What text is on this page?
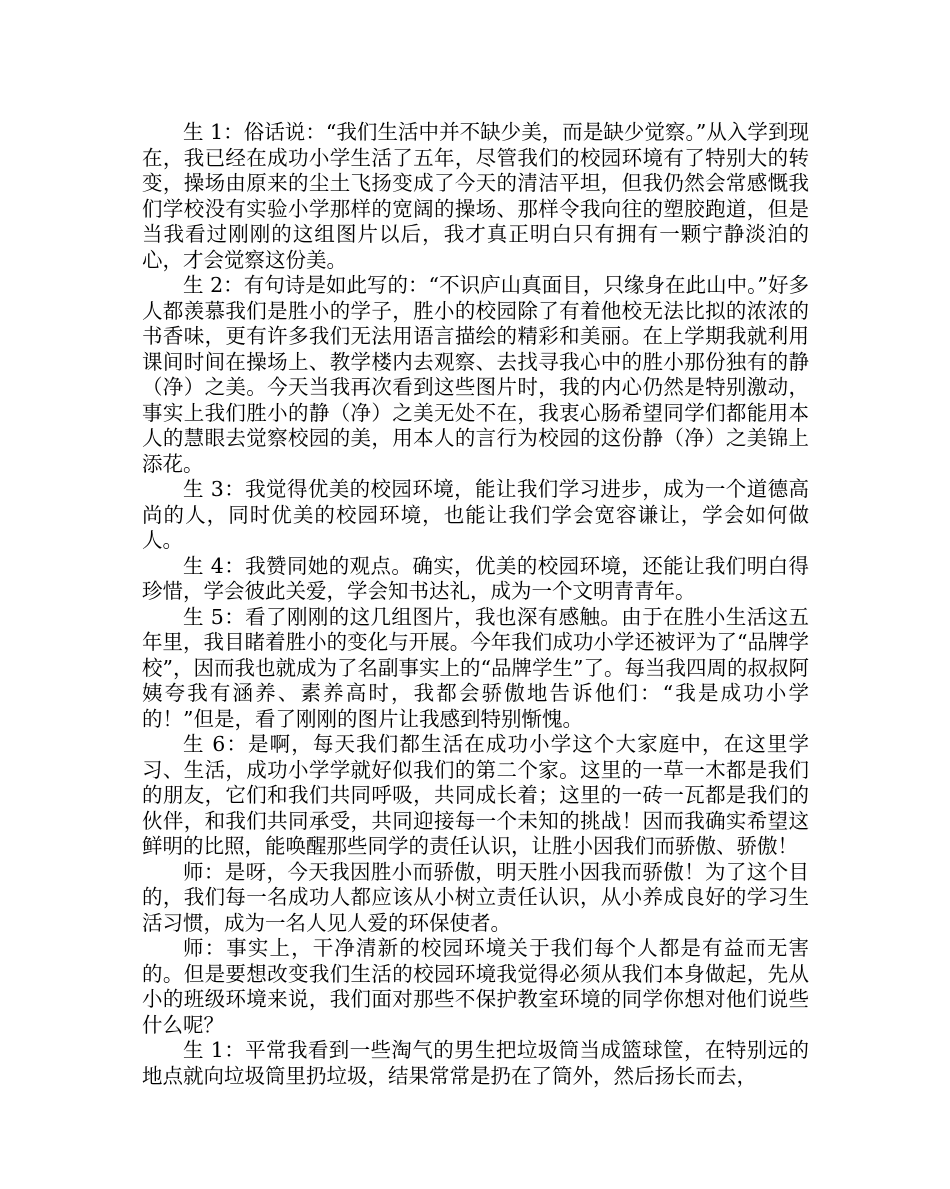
生 1：俗话说：“我们生活中并不缺少美，而是缺少觉察。”从入学到现在，我已经在成功小学生活了五年，尽管我们的校园环境有了特别大的转变，操场由原来的尘土飞扬变成了今天的清洁平坦，但我仍然会常感慨我们学校没有实验小学那样的宽阔的操场、那样令我向往的塑胶跑道，但是当我看过刚刚的这组图片以后，我才真正明白只有拥有一颗宁静淡泊的心，才会觉察这份美。

生 2：有句诗是如此写的：“不识庐山真面目，只缘身在此山中。”好多人都羡慕我们是胜小的学子，胜小的校园除了有着他校无法比拟的浓浓的书香味，更有许多我们无法用语言描绘的精彩和美丽。在上学期我就利用课间时间在操场上、教学楼内去观察、去找寻我心中的胜小那份独有的静（净）之美。今天当我再次看到这些图片时，我的内心仍然是特别激动，事实上我们胜小的静（净）之美无处不在，我衷心肠希望同学们都能用本人的慧眼去觉察校园的美，用本人的言行为校园的这份静（净）之美锦上添花。

生 3：我觉得优美的校园环境，能让我们学习进步，成为一个道德高尚的人，同时优美的校园环境，也能让我们学会宽容谦让，学会如何做人。

生 4：我赞同她的观点。确实，优美的校园环境，还能让我们明白得珍惜，学会彼此关爱，学会知书达礼，成为一个文明青青年。

生 5：看了刚刚的这几组图片，我也深有感触。由于在胜小生活这五年里，我目睹着胜小的变化与开展。今年我们成功小学还被评为了“品牌学校”，因而我也就成为了名副事实上的“品牌学生”了。每当我四周的叔叔阿姨夸我有涵养、素养高时，我都会骄傲地告诉他们：“我是成功小学的！”但是，看了刚刚的图片让我感到特别惭愧。

生 6：是啊，每天我们都生活在成功小学这个大家庭中，在这里学习、生活，成功小学学就好似我们的第二个家。这里的一草一木都是我们的朋友，它们和我们共同呼吸，共同成长着；这里的一砖一瓦都是我们的伙伴，和我们共同承受，共同迎接每一个未知的挑战！因而我确实希望这鲜明的比照，能唤醒那些同学的责任认识，让胜小因我们而骄傲、骄傲！

师：是呀，今天我因胜小而骄傲，明天胜小因我而骄傲！为了这个目的，我们每一名成功人都应该从小树立责任认识，从小养成良好的学习生活习惯，成为一名人见人爱的环保使者。

师：事实上，干净清新的校园环境关于我们每个人都是有益而无害的。但是要想改变我们生活的校园环境我觉得必须从我们本身做起，先从小的班级环境来说，我们面对那些不保护教室环境的同学你想对他们说些什么呢？

生 1：平常我看到一些淘气的男生把垃圾筒当成篮球筐，在特别远的地点就向垃圾筒里扔垃圾，结果常常是扔在了筒外，然后扬长而去，
